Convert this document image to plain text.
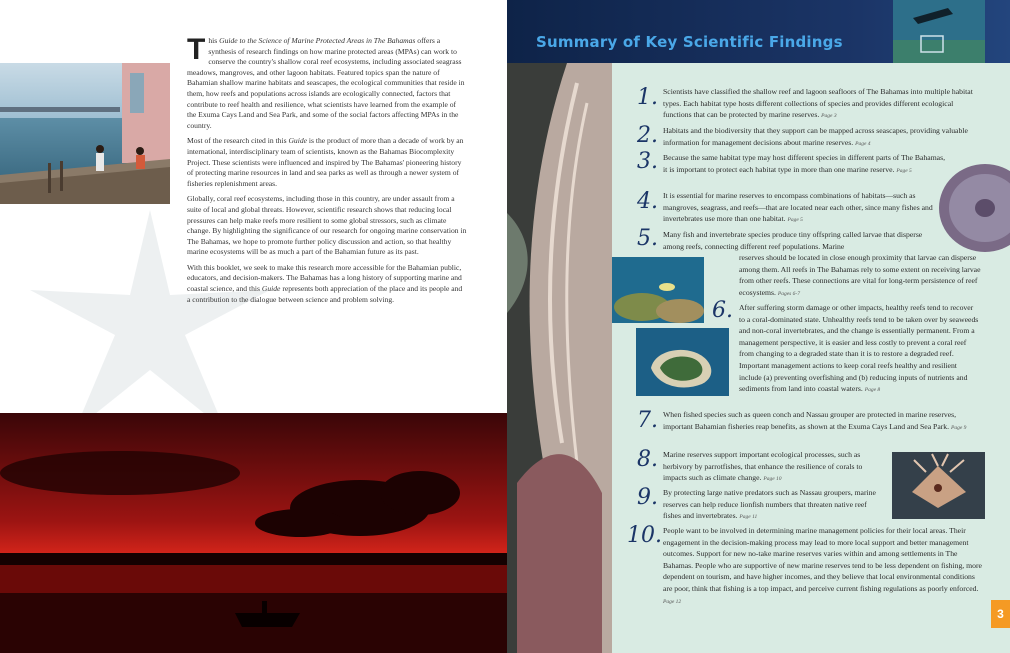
This Guide to the Science of Marine Protected Areas in The Bahamas offers a synthesis of research findings on how marine protected areas (MPAs) can work to conserve the country's shallow coral reef ecosystems, including associated seagrass meadows, mangroves, and other lagoon habitats. Featured topics span the nature of Bahamian shallow marine habitats and seascapes, the ecological communities that reside in them, how reefs and populations across islands are ecologically connected, factors that contribute to reef health and resilience, what scientists have learned from the example of the Exuma Cays Land and Sea Park, and some of the social factors affecting MPAs in the country.

Most of the research cited in this Guide is the product of more than a decade of work by an international, interdisciplinary team of scientists, known as the Bahamas Biocomplexity Project. These scientists were influenced and inspired by The Bahamas' pioneering history of protecting marine resources in land and sea parks as well as through a newer system of fisheries replenishment areas.

Globally, coral reef ecosystems, including those in this country, are under assault from a suite of local and global threats. However, scientific research shows that reducing local pressures can help make reefs more resilient to some global stressors, such as climate change. By highlighting the significance of our research for ongoing marine conservation in The Bahamas, we hope to promote further policy discussion and action, so that healthy marine ecosystems will be as much a part of the Bahamian future as its past.

With this booklet, we seek to make this research more accessible for the Bahamian public, educators, and decision-makers. The Bahamas has a long history of supporting marine and coastal science, and this Guide represents both appreciation of the place and its people and a contribution to the dialogue between science and problem solving.

Summary of Key Scientific Findings
1. Scientists have classified the shallow reef and lagoon seafloors of The Bahamas into multiple habitat types. Each habitat type hosts different collections of species and provides different ecological functions that can be protected by marine reserves. Page 3
2. Habitats and the biodiversity that they support can be mapped across seascapes, providing valuable information for management decisions about marine reserves. Page 4
3. Because the same habitat type may host different species in different parts of The Bahamas, it is important to protect each habitat type in more than one marine reserve. Page 5
4. It is essential for marine reserves to encompass combinations of habitats—such as mangroves, seagrass, and reefs—that are located near each other, since many fishes and invertebrates use more than one habitat. Page 5
5. Many fish and invertebrate species produce tiny offspring called larvae that disperse among reefs, connecting different reef populations. Marine
reserves should be located in close enough proximity that larvae can disperse among them. All reefs in The Bahamas rely to some extent on receiving larvae from other reefs. These connections are vital for long-term persistence of reef ecosystems. Pages 6-7
6. After suffering storm damage or other impacts, healthy reefs tend to recover to a coral-dominated state. Unhealthy reefs tend to be taken over by seaweeds and non-coral invertebrates, and the change is essentially permanent. From a management perspective, it is easier and less costly to prevent a coral reef from changing to a degraded state than it is to restore a degraded reef. Important management actions to keep coral reefs healthy and resilient include (a) preventing overfishing and (b) reducing inputs of nutrients and sediments from land into coastal waters. Page 8
7. When fished species such as queen conch and Nassau grouper are protected in marine reserves, important Bahamian fisheries reap benefits, as shown at the Exuma Cays Land and Sea Park. Page 9
8. Marine reserves support important ecological processes, such as herbivory by parrotfishes, that enhance the resilience of corals to impacts such as climate change. Page 10
9. By protecting large native predators such as Nassau groupers, marine reserves can help reduce lionfish numbers that threaten native reef fishes and invertebrates. Page 11
10. People want to be involved in determining marine management policies for their local areas. Their engagement in the decision-making process may lead to more local support and better management outcomes. Support for new no-take marine reserves varies within and among settlements in The Bahamas. People who are supportive of new marine reserves tend to be less dependent on fishing, more dependent on tourism, and have higher incomes, and they believe that local environmental conditions are poor, think that fishing is a top impact, and perceive current fishing regulations as poorly enforced. Page 12
3
